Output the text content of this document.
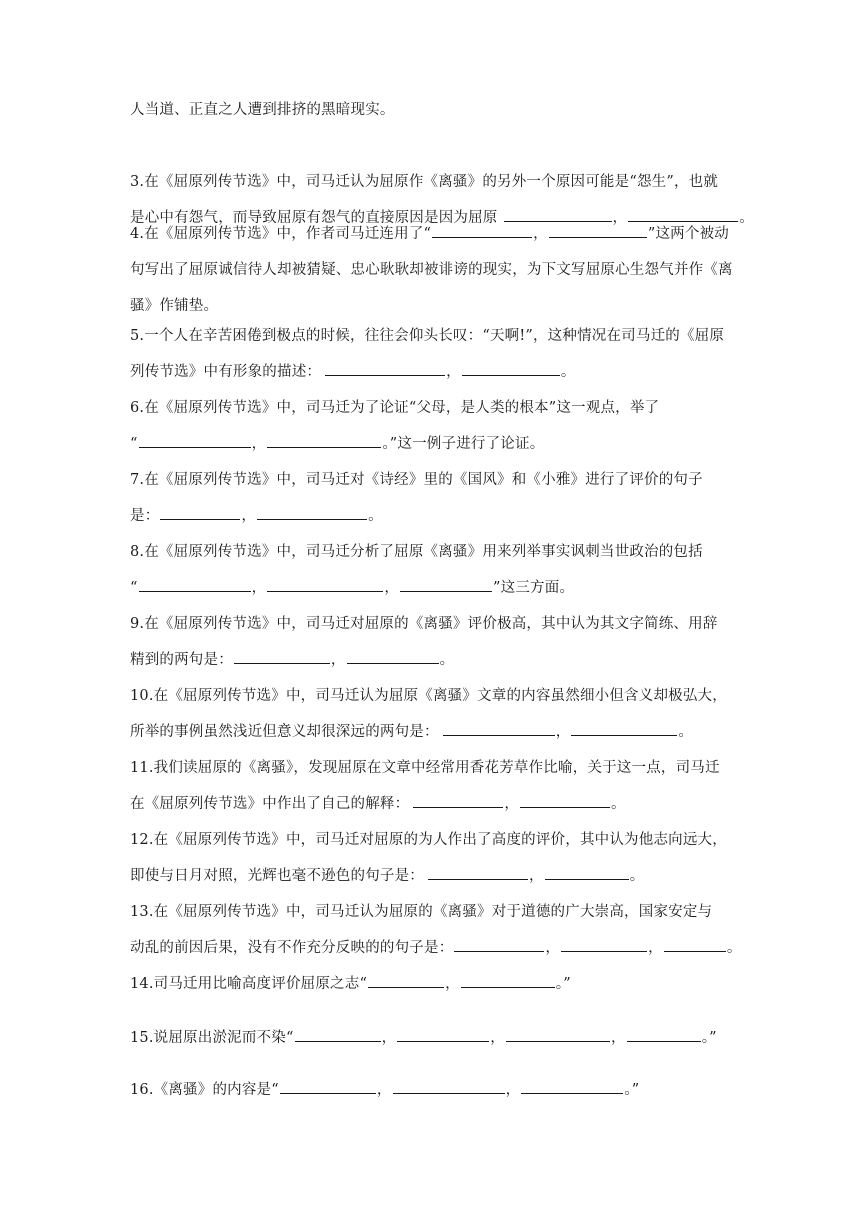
人当道、正直之人遭到排挤的黑暗现实。
3.在《屈原列传节选》中，司马迁认为屈原作《离骚》的另外一个原因可能是“怨生”，也就
是心中有怨气，而导致屈原有怨气的直接原因是因为屈原	，	。
4.在《屈原列传节选》中，作者司马迁连用了“	，	”这两个被动
句写出了屈原诚信待人却被猜疑、忠心耿耿却被诽谤的现实，为下文写屈原心生怨气并作《离
骚》作铺垫。
5.一个人在辛苦困倦到极点的时候，往往会仰头长叹：“天啊!”，这种情况在司马迁的《屈原
列传节选》中有形象的描述：	，	。
6.在《屈原列传节选》中，司马迁为了论证“父母，是人类的根本”这一观点，举了
“	，	。”这一例子进行了论证。
7.在《屈原列传节选》中，司马迁对《诗经》里的《国风》和《小雅》进行了评价的句子
是：	，	。
8.在《屈原列传节选》中，司马迁分析了屈原《离骚》用来列举事实讽刺当世政治的包括
“	，	，	”这三方面。
9.在《屈原列传节选》中，司马迁对屈原的《离骚》评价极高，其中认为其文字简练、用辞
精到的两句是：	，	。
10.在《屈原列传节选》中，司马迁认为屈原《离骚》文章的内容虽然细小但含义却极弘大，
所举的事例虽然浅近但意义却很深远的两句是：	，	。
11.我们读屈原的《离骚》，发现屈原在文章中经常用香花芳草作比喻，关于这一点，司马迁
在《屈原列传节选》中作出了自己的解释：	，	。
12.在《屈原列传节选》中，司马迁对屈原的为人作出了高度的评价，其中认为他志向远大，
即使与日月对照，光辉也毫不逊色的句子是：	，	。
13.在《屈原列传节选》中，司马迁认为屈原的《离骚》对于道德的广大崇高，国家安定与
动乱的前因后果，没有不作充分反映的的句子是：	，	，	。
14.司马迁用比喻高度评价屈原之志“	，	。”
15.说屈原出淤泥而不染“	，	，	，	。”
16.《离骚》的内容是“	，	，	。”
